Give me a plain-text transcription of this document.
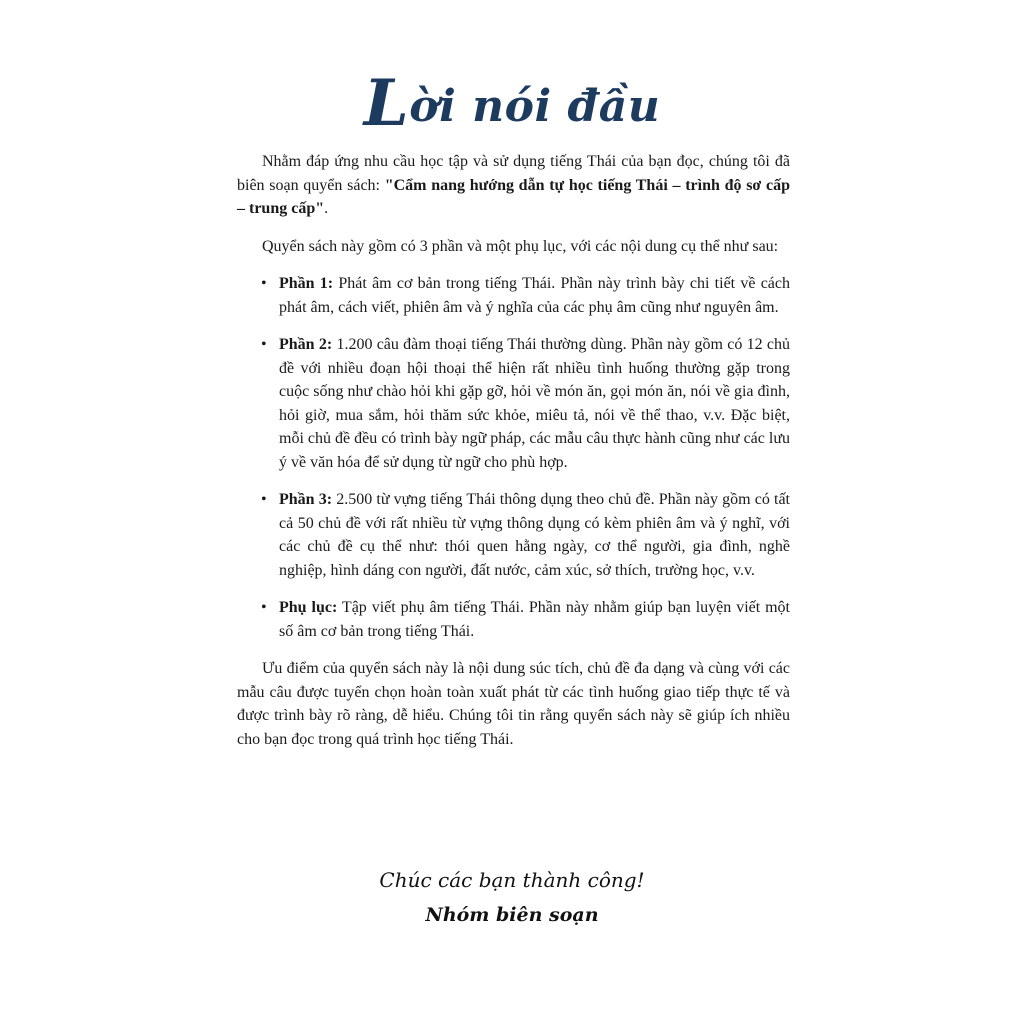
Lời nói đầu

Nhằm đáp ứng nhu cầu học tập và sử dụng tiếng Thái của bạn đọc, chúng tôi đã biên soạn quyển sách: "Cẩm nang hướng dẫn tự học tiếng Thái – trình độ sơ cấp – trung cấp".

Quyển sách này gồm có 3 phần và một phụ lục, với các nội dung cụ thể như sau:

• Phần 1: Phát âm cơ bản trong tiếng Thái. Phần này trình bày chi tiết về cách phát âm, cách viết, phiên âm và ý nghĩa của các phụ âm cũng như nguyên âm.
• Phần 2: 1.200 câu đàm thoại tiếng Thái thường dùng. Phần này gồm có 12 chủ đề với nhiều đoạn hội thoại thể hiện rất nhiều tình huống thường gặp trong cuộc sống như chào hỏi khi gặp gỡ, hỏi về món ăn, gọi món ăn, nói về gia đình, hỏi giờ, mua sắm, hỏi thăm sức khỏe, miêu tả, nói về thể thao, v.v. Đặc biệt, mỗi chủ đề đều có trình bày ngữ pháp, các mẫu câu thực hành cũng như các lưu ý về văn hóa để sử dụng từ ngữ cho phù hợp.
• Phần 3: 2.500 từ vựng tiếng Thái thông dụng theo chủ đề. Phần này gồm có tất cả 50 chủ đề với rất nhiều từ vựng thông dụng có kèm phiên âm và ý nghĩ, với các chủ đề cụ thể như: thói quen hằng ngày, cơ thể người, gia đình, nghề nghiệp, hình dáng con người, đất nước, cảm xúc, sở thích, trường học, v.v.
• Phụ lục: Tập viết phụ âm tiếng Thái. Phần này nhằm giúp bạn luyện viết một số âm cơ bản trong tiếng Thái.

Ưu điểm của quyển sách này là nội dung súc tích, chủ đề đa dạng và cùng với các mẫu câu được tuyển chọn hoàn toàn xuất phát từ các tình huống giao tiếp thực tế và được trình bày rõ ràng, dễ hiểu. Chúng tôi tin rằng quyển sách này sẽ giúp ích nhiều cho bạn đọc trong quá trình học tiếng Thái.

Chúc các bạn thành công!
Nhóm biên soạn
